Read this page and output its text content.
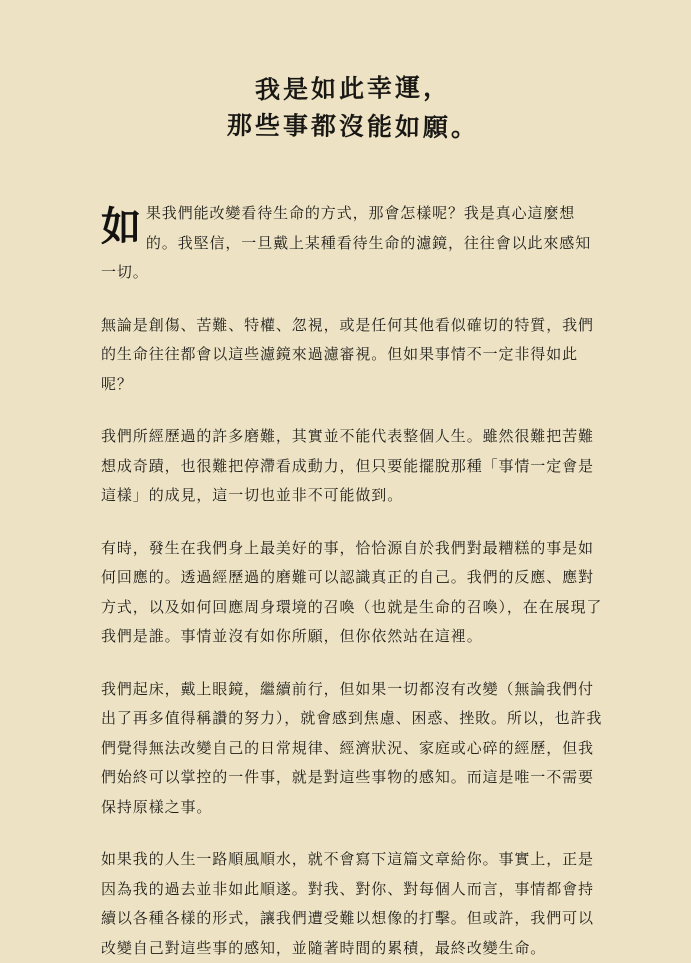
我是如此幸運，
那些事都沒能如願。

如果我們能改變看待生命的方式，那會怎樣呢？我是真心這麼想的。我堅信，一旦戴上某種看待生命的濾鏡，往往會以此來感知一切。

無論是創傷、苦難、特權、忽視，或是任何其他看似確切的特質，我們的生命往往都會以這些濾鏡來過濾審視。但如果事情不一定非得如此呢？

我們所經歷過的許多磨難，其實並不能代表整個人生。雖然很難把苦難想成奇蹟，也很難把停滯看成動力，但只要能擺脫那種「事情一定會是這樣」的成見，這一切也並非不可能做到。

有時，發生在我們身上最美好的事，恰恰源自於我們對最糟糕的事是如何回應的。透過經歷過的磨難可以認識真正的自己。我們的反應、應對方式，以及如何回應周身環境的召喚（也就是生命的召喚），在在展現了我們是誰。事情並沒有如你所願，但你依然站在這裡。

我們起床，戴上眼鏡，繼續前行，但如果一切都沒有改變（無論我們付出了再多值得稱讚的努力），就會感到焦慮、困惑、挫敗。所以，也許我們覺得無法改變自己的日常規律、經濟狀況、家庭或心碎的經歷，但我們始終可以掌控的一件事，就是對這些事物的感知。而這是唯一不需要保持原樣之事。

如果我的人生一路順風順水，就不會寫下這篇文章給你。事實上，正是因為我的過去並非如此順遂。對我、對你、對每個人而言，事情都會持續以各種各樣的形式，讓我們遭受難以想像的打擊。但或許，我們可以改變自己對這些事的感知，並隨著時間的累積，最終改變生命。
